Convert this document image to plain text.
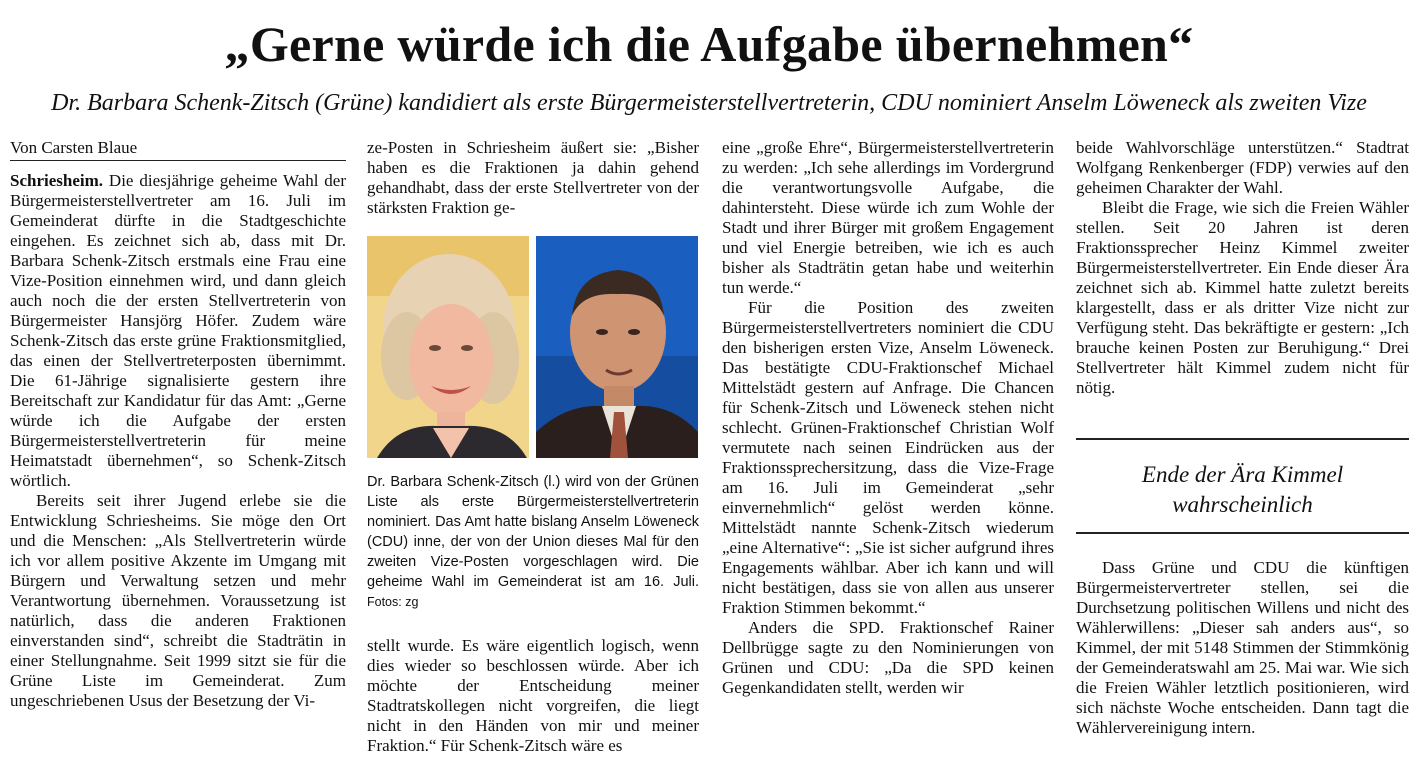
„Gerne würde ich die Aufgabe übernehmen“
Dr. Barbara Schenk-Zitsch (Grüne) kandidiert als erste Bürgermeisterstellvertreterin, CDU nominiert Anselm Löweneck als zweiten Vize

Von Carsten Blaue

Schriesheim. Die diesjährige geheime Wahl der Bürgermeisterstellvertreter am 16. Juli im Gemeinderat dürfte in die Stadtgeschichte eingehen. Es zeichnet sich ab, dass mit Dr. Barbara Schenk-Zitsch erstmals eine Frau eine Vize-Position einnehmen wird, und dann gleich auch noch die der ersten Stellvertreterin von Bürgermeister Hansjörg Höfer. Zudem wäre Schenk-Zitsch das erste grüne Fraktionsmitglied, das einen der Stellvertreterposten übernimmt. Die 61-Jährige signalisierte gestern ihre Bereitschaft zur Kandidatur für das Amt: „Gerne würde ich die Aufgabe der ersten Bürgermeisterstellvertreterin für meine Heimatstadt übernehmen“, so Schenk-Zitsch wörtlich.

Bereits seit ihrer Jugend erlebe sie die Entwicklung Schriesheims. Sie möge den Ort und die Menschen: „Als Stellvertreterin würde ich vor allem positive Akzente im Umgang mit Bürgern und Verwaltung setzen und mehr Verantwortung übernehmen. Voraussetzung ist natürlich, dass die anderen Fraktionen einverstanden sind“, schreibt die Stadträtin in einer Stellungnahme. Seit 1999 sitzt sie für die Grüne Liste im Gemeinderat. Zum ungeschriebenen Usus der Besetzung der Vi-

ze-Posten in Schriesheim äußert sie: „Bisher haben es die Fraktionen ja dahin gehend gehandhabt, dass der erste Stellvertreter von der stärksten Fraktion ge-

Dr. Barbara Schenk-Zitsch (l.) wird von der Grünen Liste als erste Bürgermeisterstellvertreterin nominiert. Das Amt hatte bislang Anselm Löweneck (CDU) inne, der von der Union dieses Mal für den zweiten Vize-Posten vorgeschlagen wird. Die geheime Wahl im Gemeinderat ist am 16. Juli. Fotos: zg

stellt wurde. Es wäre eigentlich logisch, wenn dies wieder so beschlossen würde. Aber ich möchte der Entscheidung meiner Stadtratskollegen nicht vorgreifen, die liegt nicht in den Händen von mir und meiner Fraktion.“ Für Schenk-Zitsch wäre es

eine „große Ehre“, Bürgermeisterstellvertreterin zu werden: „Ich sehe allerdings im Vordergrund die verantwortungsvolle Aufgabe, die dahintersteht. Diese würde ich zum Wohle der Stadt und ihrer Bürger mit großem Engagement und viel Energie betreiben, wie ich es auch bisher als Stadträtin getan habe und weiterhin tun werde.“

Für die Position des zweiten Bürgermeisterstellvertreters nominiert die CDU den bisherigen ersten Vize, Anselm Löweneck. Das bestätigte CDU-Fraktionschef Michael Mittelstädt gestern auf Anfrage. Die Chancen für Schenk-Zitsch und Löweneck stehen nicht schlecht. Grünen-Fraktionschef Christian Wolf vermutete nach seinen Eindrücken aus der Fraktionssprechersitzung, dass die Vize-Frage am 16. Juli im Gemeinderat „sehr einvernehmlich“ gelöst werden könne. Mittelstädt nannte Schenk-Zitsch wiederum „eine Alternative“: „Sie ist sicher aufgrund ihres Engagements wählbar. Aber ich kann und will nicht bestätigen, dass sie von allen aus unserer Fraktion Stimmen bekommt.“

Anders die SPD. Fraktionschef Rainer Dellbrügge sagte zu den Nominierungen von Grünen und CDU: „Da die SPD keinen Gegenkandidaten stellt, werden wir

beide Wahlvorschläge unterstützen.“ Stadtrat Wolfgang Renkenberger (FDP) verwies auf den geheimen Charakter der Wahl.

Bleibt die Frage, wie sich die Freien Wähler stellen. Seit 20 Jahren ist deren Fraktionssprecher Heinz Kimmel zweiter Bürgermeisterstellvertreter. Ein Ende dieser Ära zeichnet sich ab. Kimmel hatte zuletzt bereits klargestellt, dass er als dritter Vize nicht zur Verfügung steht. Das bekräftigte er gestern: „Ich brauche keinen Posten zur Beruhigung.“ Drei Stellvertreter hält Kimmel zudem nicht für nötig.

Ende der Ära Kimmel
wahrscheinlich

Dass Grüne und CDU die künftigen Bürgermeistervertreter stellen, sei die Durchsetzung politischen Willens und nicht des Wählerwillens: „Dieser sah anders aus“, so Kimmel, der mit 5148 Stimmen der Stimmkönig der Gemeinderatswahl am 25. Mai war. Wie sich die Freien Wähler letztlich positionieren, wird sich nächste Woche entscheiden. Dann tagt die Wählervereinigung intern.
